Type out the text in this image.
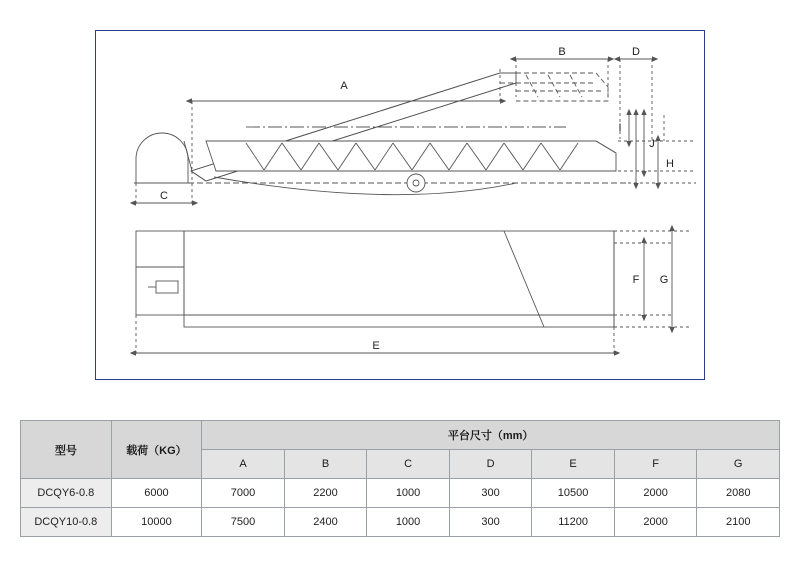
A
B
C
D
H
I
J
E
F G
型号	载荷（KG）	平台尺寸（mm）						
		A	B	C	D	E	F	G
DCQY6-0.8	6000	7000	2200	1000	300	10500	2000	2080
DCQY10-0.8	10000	7500	2400	1000	300	11200	2000	2100
